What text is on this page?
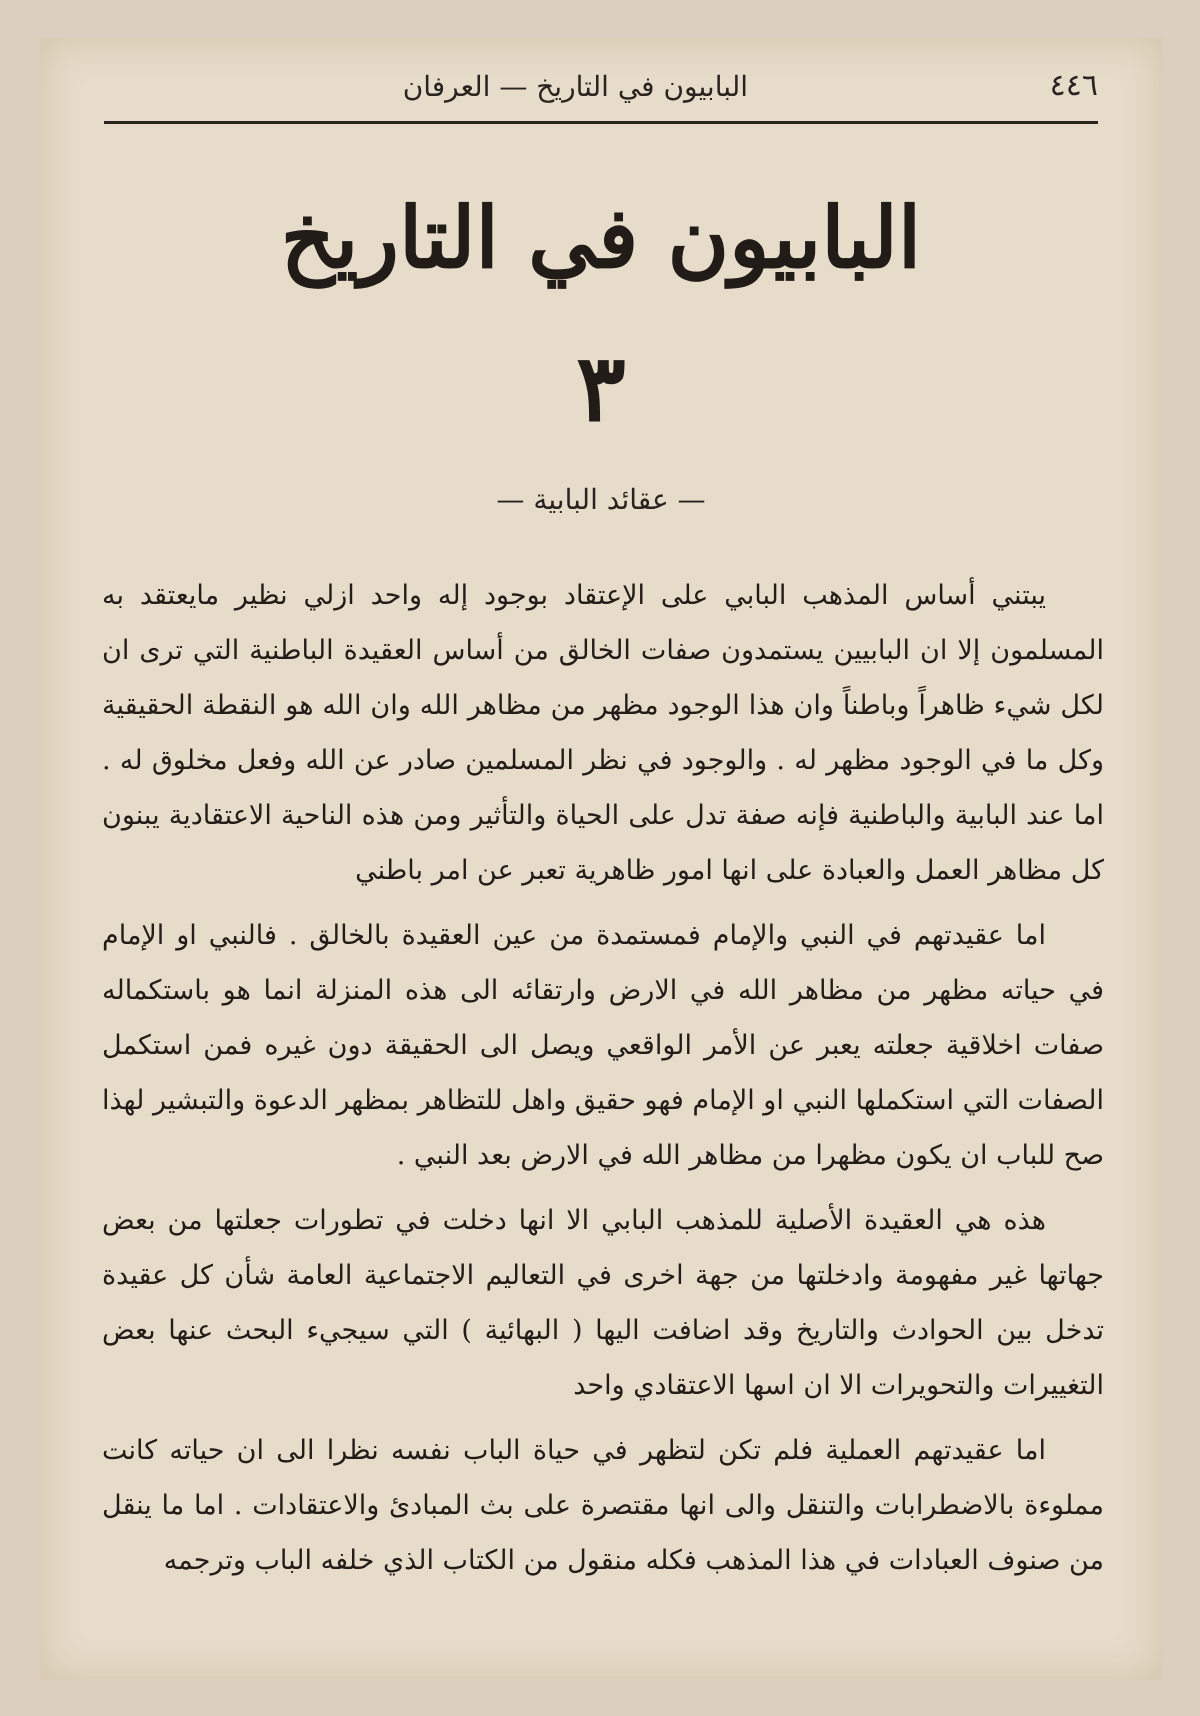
٤٤٦
البابيون في التاريخ — العرفان
البابيون في التاريخ
٣
— عقائد البابية —

يبتني أساس المذهب البابي على الإعتقاد بوجود إله واحد ازلي نظير مايعتقد به المسلمون إلا ان البابيين يستمدون صفات الخالق من أساس العقيدة الباطنية التي ترى ان لكل شيء ظاهراً وباطناً وان هذا الوجود مظهر من مظاهر الله وان الله هو النقطة الحقيقية وكل ما في الوجود مظهر له . والوجود في نظر المسلمين صادر عن الله وفعل مخلوق له . اما عند البابية والباطنية فإنه صفة تدل على الحياة والتأثير ومن هذه الناحية الاعتقادية يبنون كل مظاهر العمل والعبادة على انها امور ظاهرية تعبر عن امر باطني

اما عقيدتهم في النبي والإمام فمستمدة من عين العقيدة بالخالق . فالنبي او الإمام في حياته مظهر من مظاهر الله في الارض وارتقائه الى هذه المنزلة انما هو باستكماله صفات اخلاقية جعلته يعبر عن الأمر الواقعي ويصل الى الحقيقة دون غيره فمن استكمل الصفات التي استكملها النبي او الإمام فهو حقيق واهل للتظاهر بمظهر الدعوة والتبشير لهذا صح للباب ان يكون مظهرا من مظاهر الله في الارض بعد النبي .

هذه هي العقيدة الأصلية للمذهب البابي الا انها دخلت في تطورات جعلتها من بعض جهاتها غير مفهومة وادخلتها من جهة اخرى في التعاليم الاجتماعية العامة شأن كل عقيدة تدخل بين الحوادث والتاريخ وقد اضافت اليها ( البهائية ) التي سيجيء البحث عنها بعض التغييرات والتحويرات الا ان اسها الاعتقادي واحد

اما عقيدتهم العملية فلم تكن لتظهر في حياة الباب نفسه نظرا الى ان حياته كانت مملوءة بالاضطرابات والتنقل والى انها مقتصرة على بث المبادئ والاعتقادات . اما ما ينقل من صنوف العبادات في هذا المذهب فكله منقول من الكتاب الذي خلفه الباب وترجمه
